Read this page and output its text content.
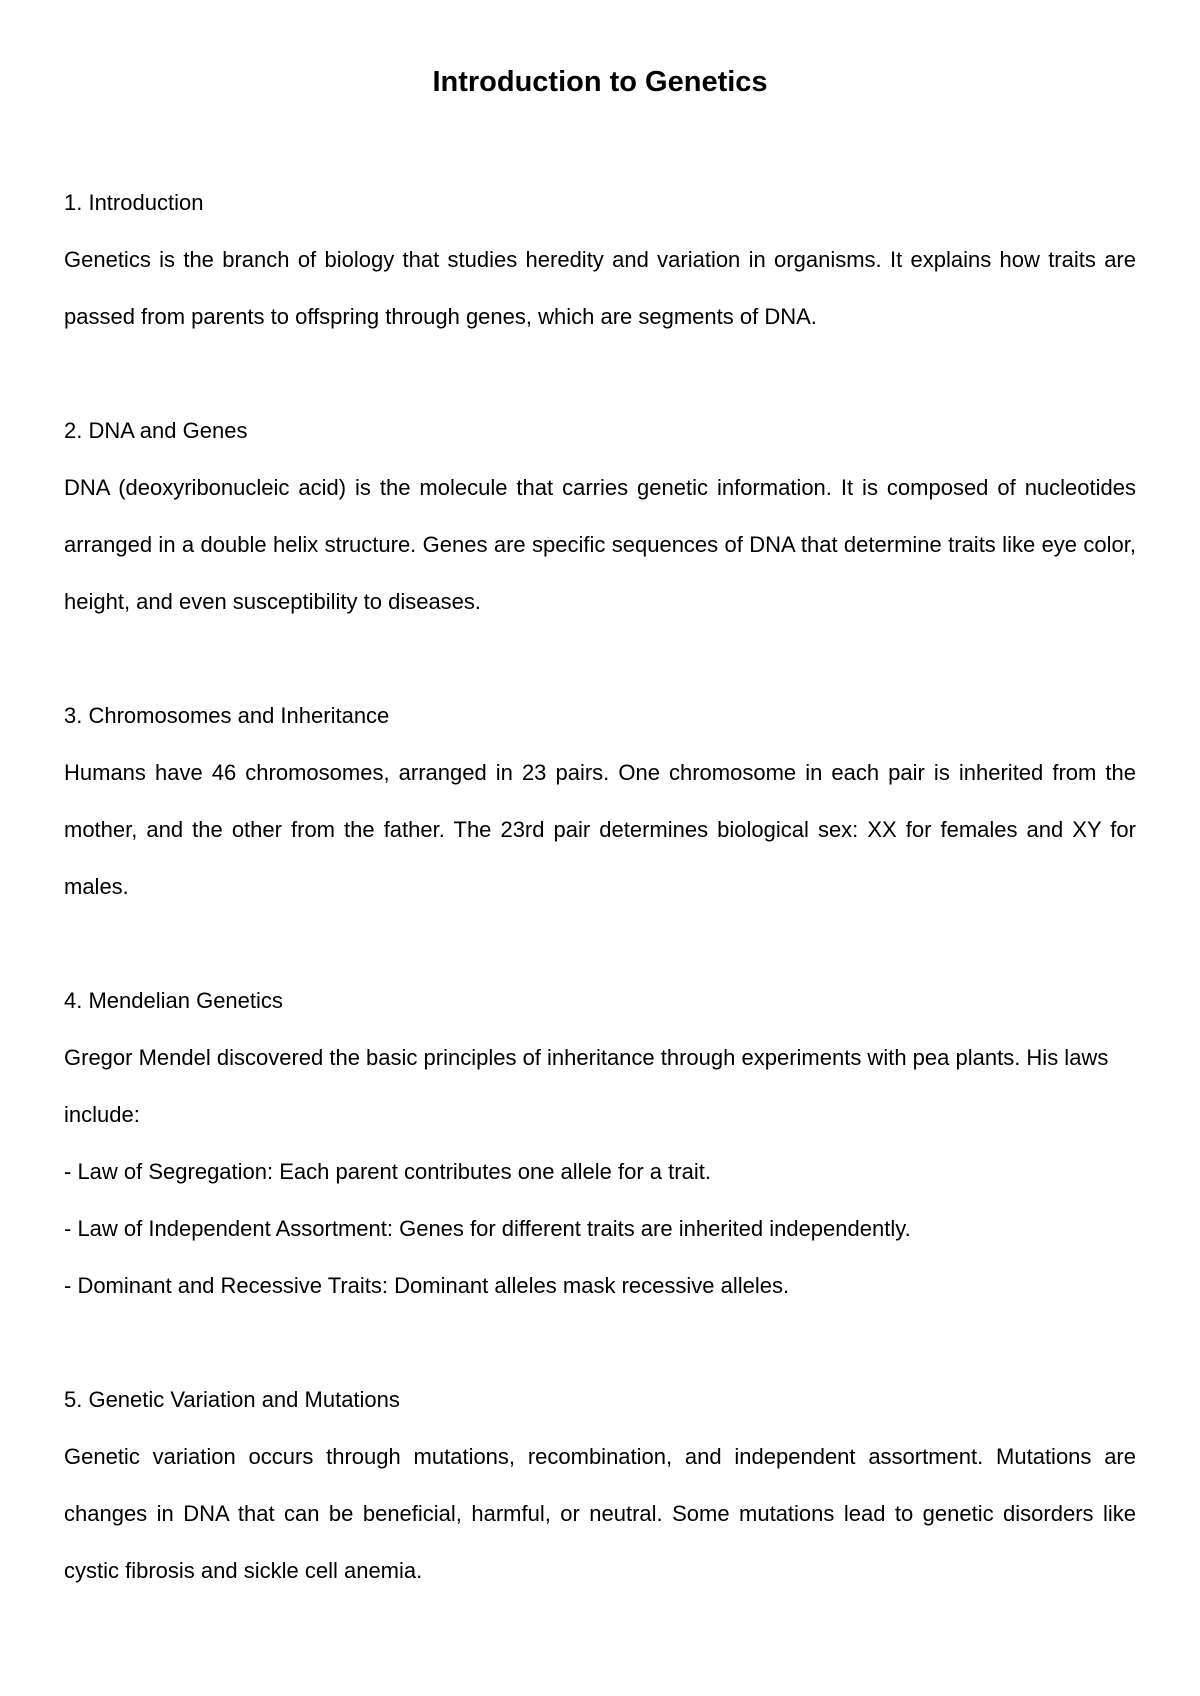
Introduction to Genetics

1. Introduction

Genetics is the branch of biology that studies heredity and variation in organisms. It explains how traits are passed from parents to offspring through genes, which are segments of DNA.

2. DNA and Genes

DNA (deoxyribonucleic acid) is the molecule that carries genetic information. It is composed of nucleotides arranged in a double helix structure. Genes are specific sequences of DNA that determine traits like eye color, height, and even susceptibility to diseases.

3. Chromosomes and Inheritance

Humans have 46 chromosomes, arranged in 23 pairs. One chromosome in each pair is inherited from the mother, and the other from the father. The 23rd pair determines biological sex: XX for females and XY for males.

4. Mendelian Genetics

Gregor Mendel discovered the basic principles of inheritance through experiments with pea plants. His laws include:

- Law of Segregation: Each parent contributes one allele for a trait.

- Law of Independent Assortment: Genes for different traits are inherited independently.

- Dominant and Recessive Traits: Dominant alleles mask recessive alleles.

5. Genetic Variation and Mutations

Genetic variation occurs through mutations, recombination, and independent assortment. Mutations are changes in DNA that can be beneficial, harmful, or neutral. Some mutations lead to genetic disorders like cystic fibrosis and sickle cell anemia.
